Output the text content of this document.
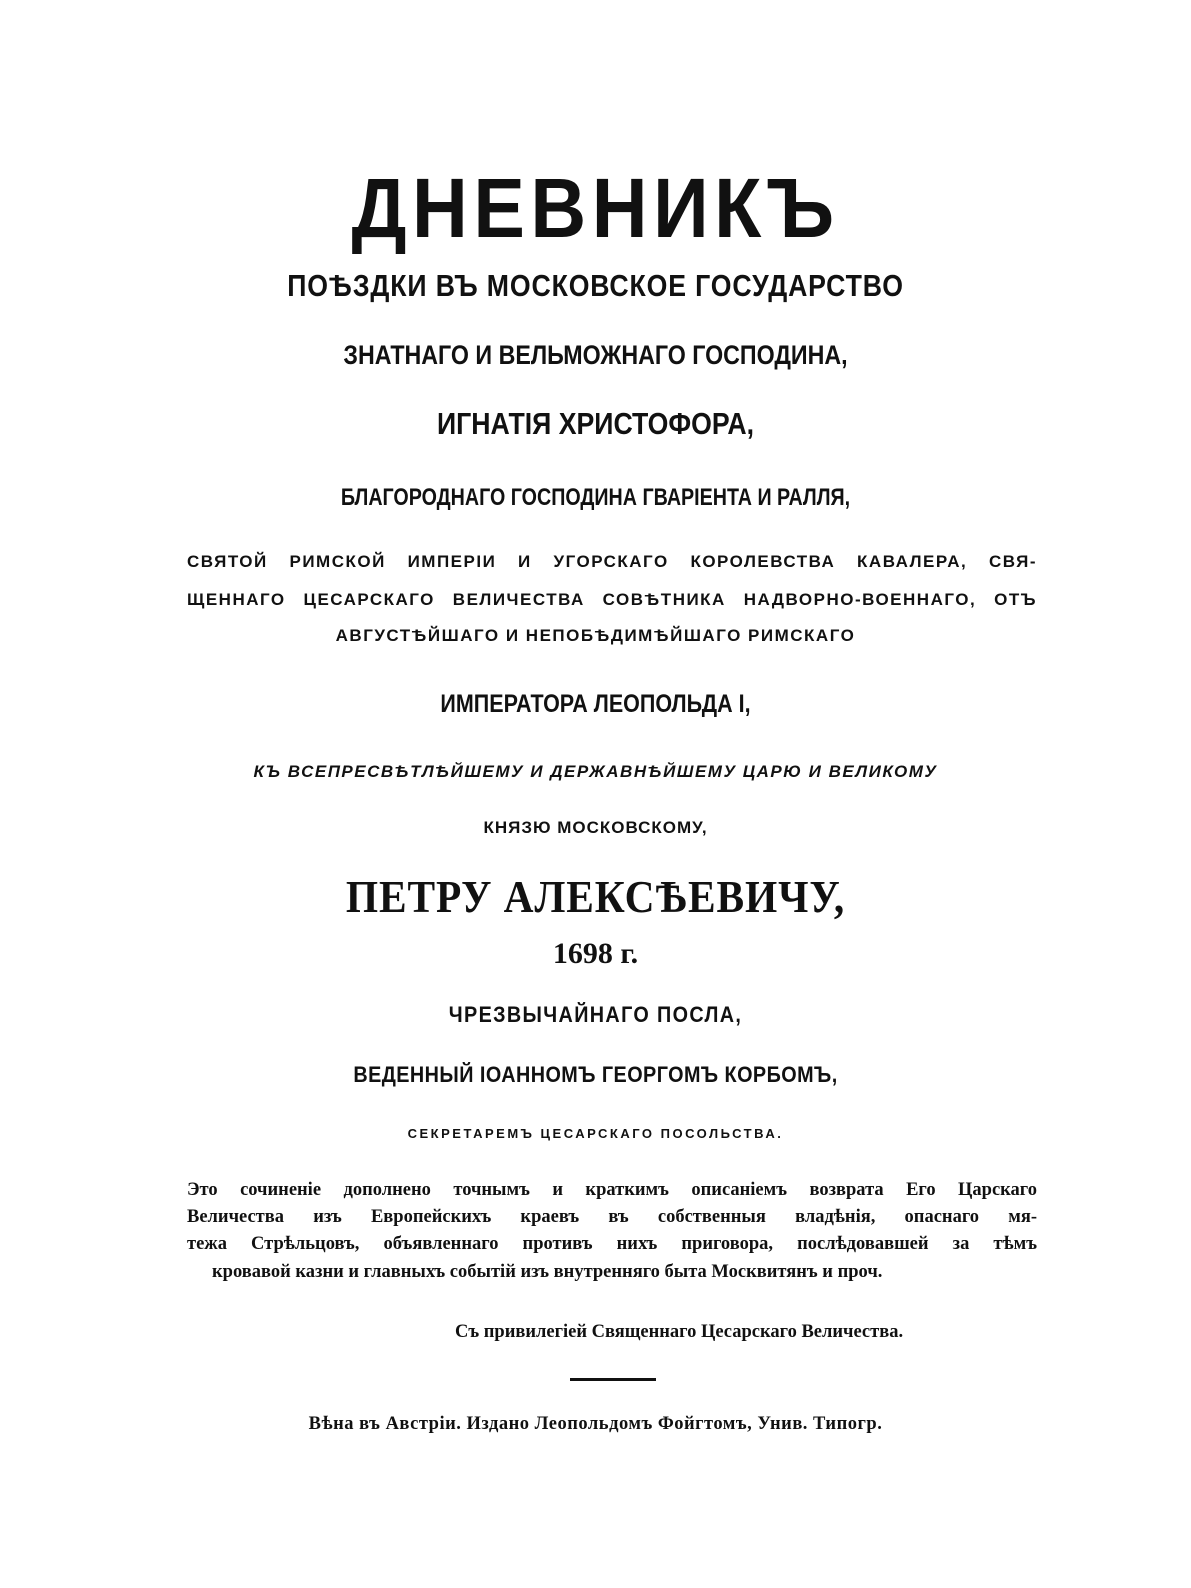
ДНЕВНИКЪ
ПОѢЗДКИ ВЪ МОСКОВСКОЕ ГОСУДАРСТВО
ЗНАТНАГО И ВЕЛЬМОЖНАГО ГОСПОДИНА,
ИГНАТІЯ ХРИСТОФОРА,
БЛАГОРОДНАГО ГОСПОДИНА ГВАРІЕНТА И РАЛЛЯ,
СВЯТОЙ РИМСКОЙ ИМПЕРІИ И УГОРСКАГО КОРОЛЕВСТВА КАВАЛЕРА, СВЯ-
ЩЕННАГО ЦЕСАРСКАГО ВЕЛИЧЕСТВА СОВѢТНИКА НАДВОРНО-ВОЕННАГО, ОТЪ
АВГУСТѢЙШАГО И НЕПОБѢДИМѢЙШАГО РИМСКАГО
ИМПЕРАТОРА ЛЕОПОЛЬДА I,
КЪ ВСЕПРЕСВѢТЛѢЙШЕМУ И ДЕРЖАВНѢЙШЕМУ ЦАРЮ И ВЕЛИКОМУ
КНЯЗЮ МОСКОВСКОМУ,
ПЕТРУ АЛЕКСѢЕВИЧУ,
1698 г.
ЧРЕЗВЫЧАЙНАГО ПОСЛА,
ВЕДЕННЫЙ ІОАННОМЪ ГЕОРГОМЪ КОРБОМЪ,
СЕКРЕТАРЕМЪ ЦЕСАРСКАГО ПОСОЛЬСТВА.
Это сочиненіе дополнено точнымъ и краткимъ описаніемъ возврата Его Царскаго
Величества изъ Европейскихъ краевъ въ собственныя владѣнія, опаснаго мя-
тежа Стрѣльцовъ, объявленнаго противъ нихъ приговора, послѣдовавшей за тѣмъ
кровавой казни и главныхъ событій изъ внутренняго быта Москвитянъ и проч.
Съ привилегіей Священнаго Цесарскаго Величества.
Вѣна въ Австріи. Издано Леопольдомъ Фойгтомъ, Унив. Типогр.
